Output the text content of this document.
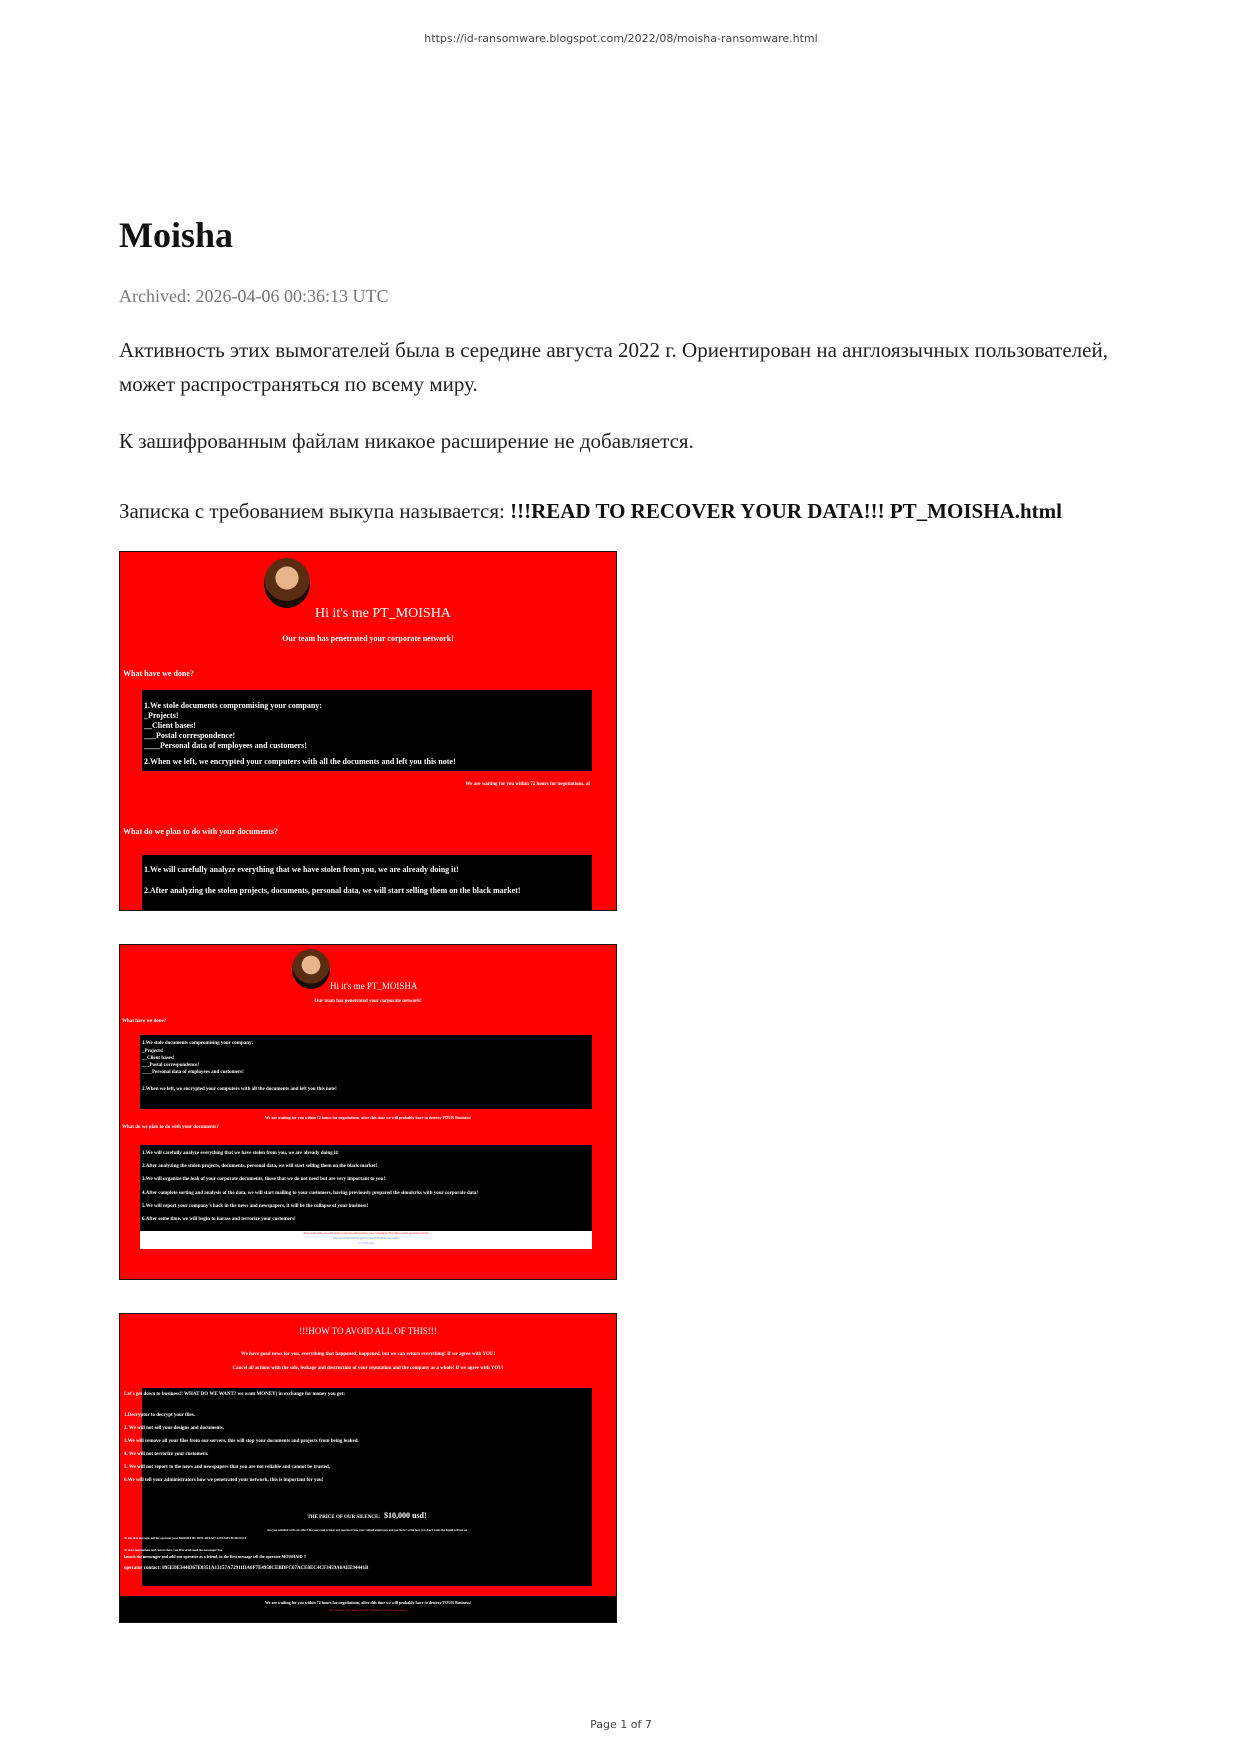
https://id-ransomware.blogspot.com/2022/08/moisha-ransomware.html
Moisha
Archived: 2026-04-06 00:36:13 UTC
Активность этих вымогателей была в середине августа 2022 г. Ориентирован на англоязычных пользователей, может распространяться по всему миру.
К зашифрованным файлам никакое расширение не добавляется.
Записка с требованием выкупа называется: !!!READ TO RECOVER YOUR DATA!!! PT_MOISHA.html
Hi it's me PT_MOISHA
Our team has penetrated your corporate network!
What have we done?
1.We stole documents compromising your company:
_Projects!
__Client bases!
___Postal correspondence!
____Personal data of employees and customers!
2.When we left, we encrypted your computers with all the documents and left you this note!
We are waiting for you within 72 hours for negotiations, af
What do we plan to do with your documents?
1.We will carefully analyze everything that we have stolen from you, we are already doing it!
2.After analyzing the stolen projects, documents, personal data, we will start selling them on the black market!
Hi it's me PT_MOISHA
Our team has penetrated your corporate network!
What have we done?
1.We stole documents compromising your company:
_Projects!
__Client bases!
___Postal correspondence!
____Personal data of employees and customers!
2.When we left, we encrypted your computers with all the documents and left you this note!
We are waiting for you within 72 hours for negotiations, after this time we will probably have to destroy YOUR Business!
What do we plan to do with your documents?
1.We will carefully analyze everything that we have stolen from you, we are already doing it!
2.After analyzing the stolen projects, documents, personal data, we will start selling them on the black market!
3.We will organize the leak of your corporate documents, those that we do not need but are very important to you!
4.After complete sorting and analysis of the data, we will start mailing to your customers, having previously prepared the simulcrks with your corporate data!
5.We will report your company's hack in the news and newspapers, it will be the collapse of your business!
6.After some time, we will begin to harass and terrorize your customers!
After some time, we will begin to harass and terrorize your customers! The link to their personal website
http://moishaleaks.blogspot.com/2022/08/moisha.html
<< Click here
!!!HOW TO AVOID ALL OF THIS!!!
We have good news for you, everything that happened, happened, but we can return everything! If we agree with YOU!
Cancel all actions with the sale, leakage and destruction of your reputation and the company as a whole! If we agree with YOU!
Let's get down to business!! WHAT DO WE WANT? we want MONEY) in exchange for money you get:
1.Decryptor to decrypt your files.
2. We will not sell your designs and documents.
3.We will remove all your files from our servers, this will stop your documents and projects from being leaked.
4. We will not terrorize your customers.
5. We will not report to the news and newspapers that you are not reliable and cannot be trusted.
6.We will tell your administrators how we penetrated your network, this is important for you!
THE PRICE OF OUR SILENCE: $10,000 usd!
Are you satisfied with our offer? Do you want to hear our operator? Do your valued employees and partners? write now you don't want the liquid written on
To the first message, tell the operator your MOISHA ID: 8F9C-DFFA77-4235-5255-4F26C8A15
To start negotiations and restore data, you first of all need the messenger Tox
launch the messenger and add our operator as a friend, in the first message tell the operator MOISHAID !!
operator contact: 895EDE3448367E0351A13157A72911DA6F7E4958CEBDFC67ACE0EC4CF3459A6AEE94441B
We are waiting for you within 72 hours for negotiations, after this time we will probably have to destroy YOUR Business!
Be careful in your search and the number of ransom cases grows
Page 1 of 7
